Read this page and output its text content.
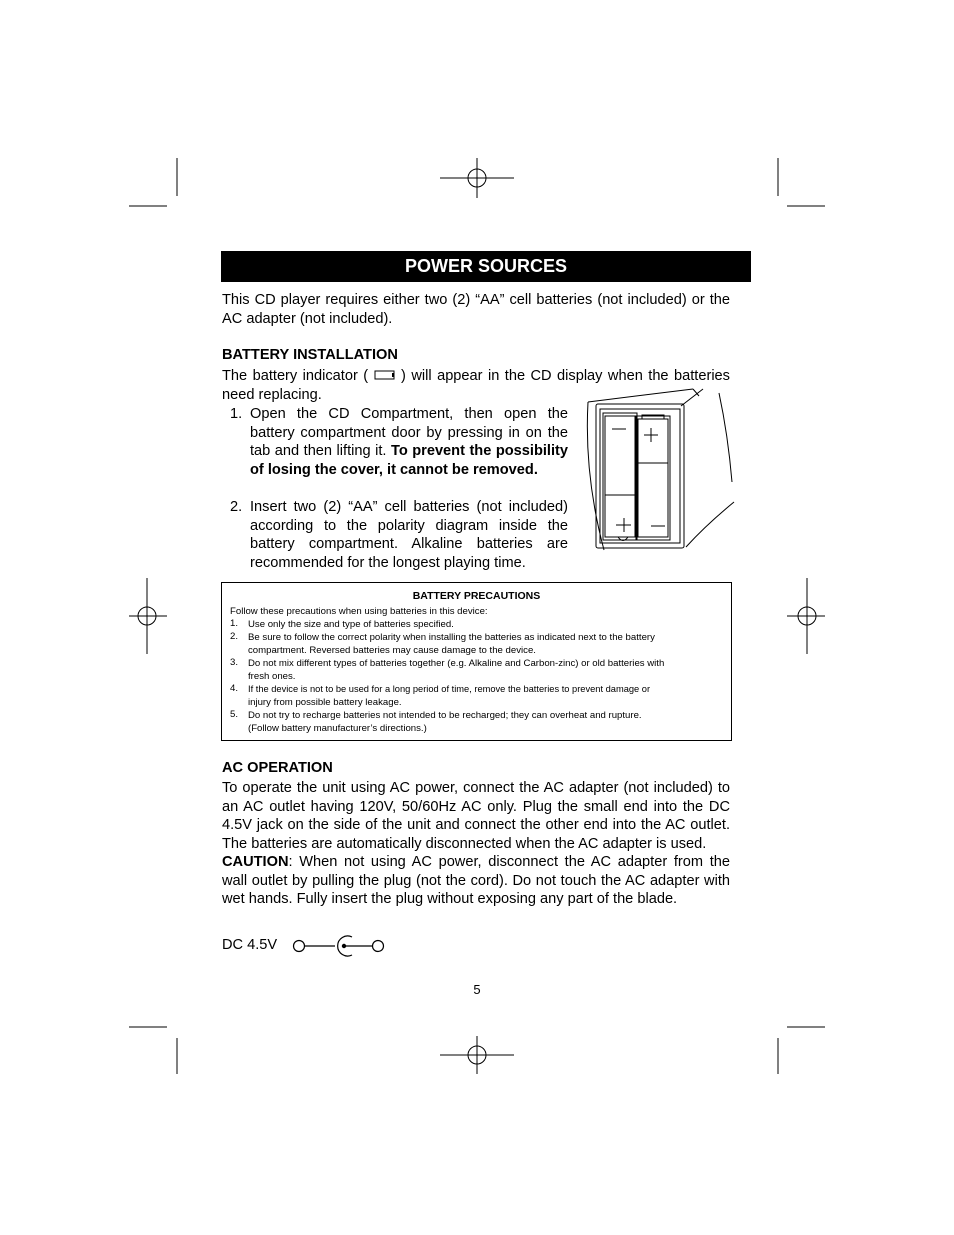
POWER SOURCES
This CD player requires either two (2) “AA” cell batteries (not included) or the AC adapter (not included).
BATTERY INSTALLATION
The battery indicator ( ) will appear in the CD display when the batteries need replacing.
1. Open the CD Compartment, then open the battery compartment door by pressing in on the tab and then lifting it. To prevent the possibility of losing the cover, it cannot be removed.
2. Insert two (2) “AA” cell batteries (not included) according to the polarity diagram inside the battery compartment. Alkaline batteries are recommended for the longest playing time.
BATTERY PRECAUTIONS
Follow these precautions when using batteries in this device:
1. Use only the size and type of batteries specified.
2. Be sure to follow the correct polarity when installing the batteries as indicated next to the battery
compartment. Reversed batteries may cause damage to the device.
3. Do not mix different types of batteries together (e.g. Alkaline and Carbon-zinc) or old batteries with
fresh ones.
4. If the device is not to be used for a long period of time, remove the batteries to prevent damage or
injury from possible battery leakage.
5. Do not try to recharge batteries not intended to be recharged; they can overheat and rupture.
(Follow battery manufacturer’s directions.)
AC OPERATION
To operate the unit using AC power, connect the AC adapter (not included) to an AC outlet having 120V, 50/60Hz AC only. Plug the small end into the DC 4.5V jack on the side of the unit and connect the other end into the AC outlet. The batteries are automatically disconnected when the AC adapter is used.
CAUTION: When not using AC power, disconnect the AC adapter from the wall outlet by pulling the plug (not the cord). Do not touch the AC adapter with wet hands. Fully insert the plug without exposing any part of the blade.
DC 4.5V
5
